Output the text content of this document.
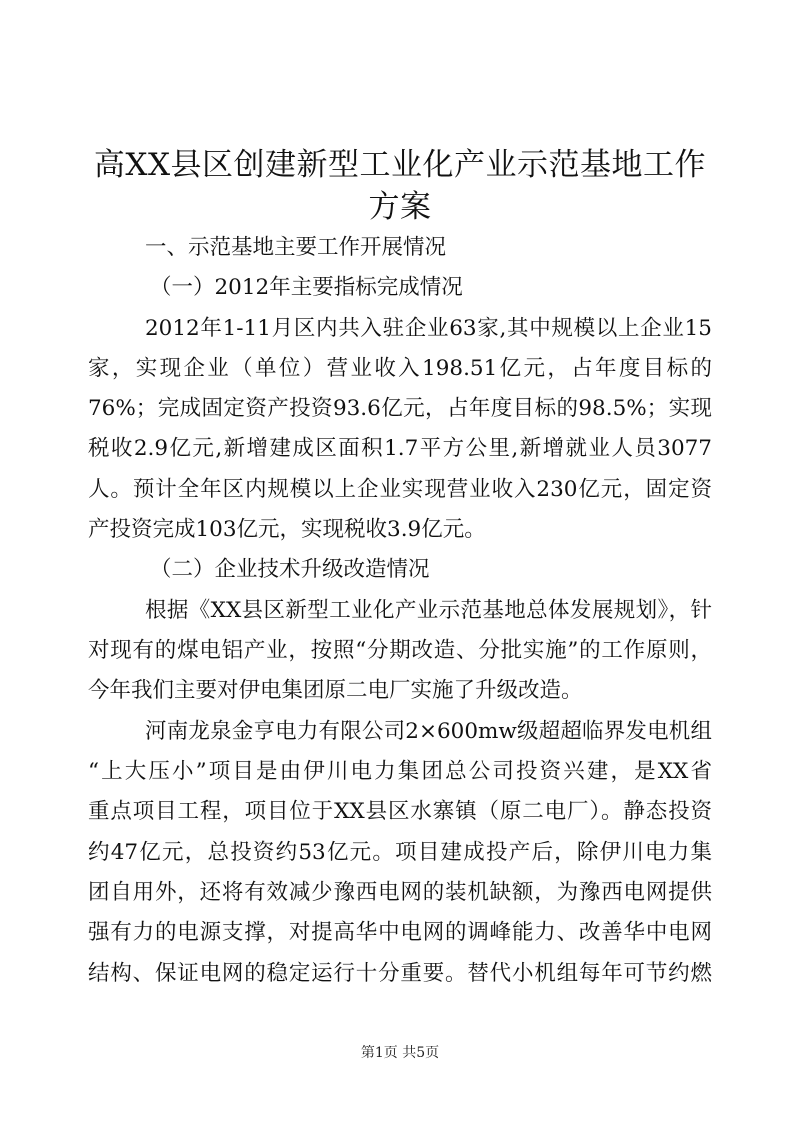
高XX县区创建新型工业化产业示范基地工作
方案

一、示范基地主要工作开展情况

（一）2012年主要指标完成情况

2012年1-11月区内共入驻企业63家,其中规模以上企业15

家，实现企业（单位）营业收入198.51亿元，占年度目标的

76%；完成固定资产投资93.6亿元，占年度目标的98.5%；实现

税收2.9亿元,新增建成区面积1.7平方公里,新增就业人员3077

人。预计全年区内规模以上企业实现营业收入230亿元，固定资

产投资完成103亿元，实现税收3.9亿元。

（二）企业技术升级改造情况

根据《XX县区新型工业化产业示范基地总体发展规划》，针

对现有的煤电铝产业，按照“分期改造、分批实施”的工作原则，

今年我们主要对伊电集团原二电厂实施了升级改造。

河南龙泉金亨电力有限公司2×600mw级超超临界发电机组

“上大压小”项目是由伊川电力集团总公司投资兴建，是XX省

重点项目工程，项目位于XX县区水寨镇（原二电厂）。静态投资

约47亿元，总投资约53亿元。项目建成投产后，除伊川电力集

团自用外，还将有效减少豫西电网的装机缺额，为豫西电网提供

强有力的电源支撑，对提高华中电网的调峰能力、改善华中电网

结构、保证电网的稳定运行十分重要。替代小机组每年可节约燃

第1页 共5页
